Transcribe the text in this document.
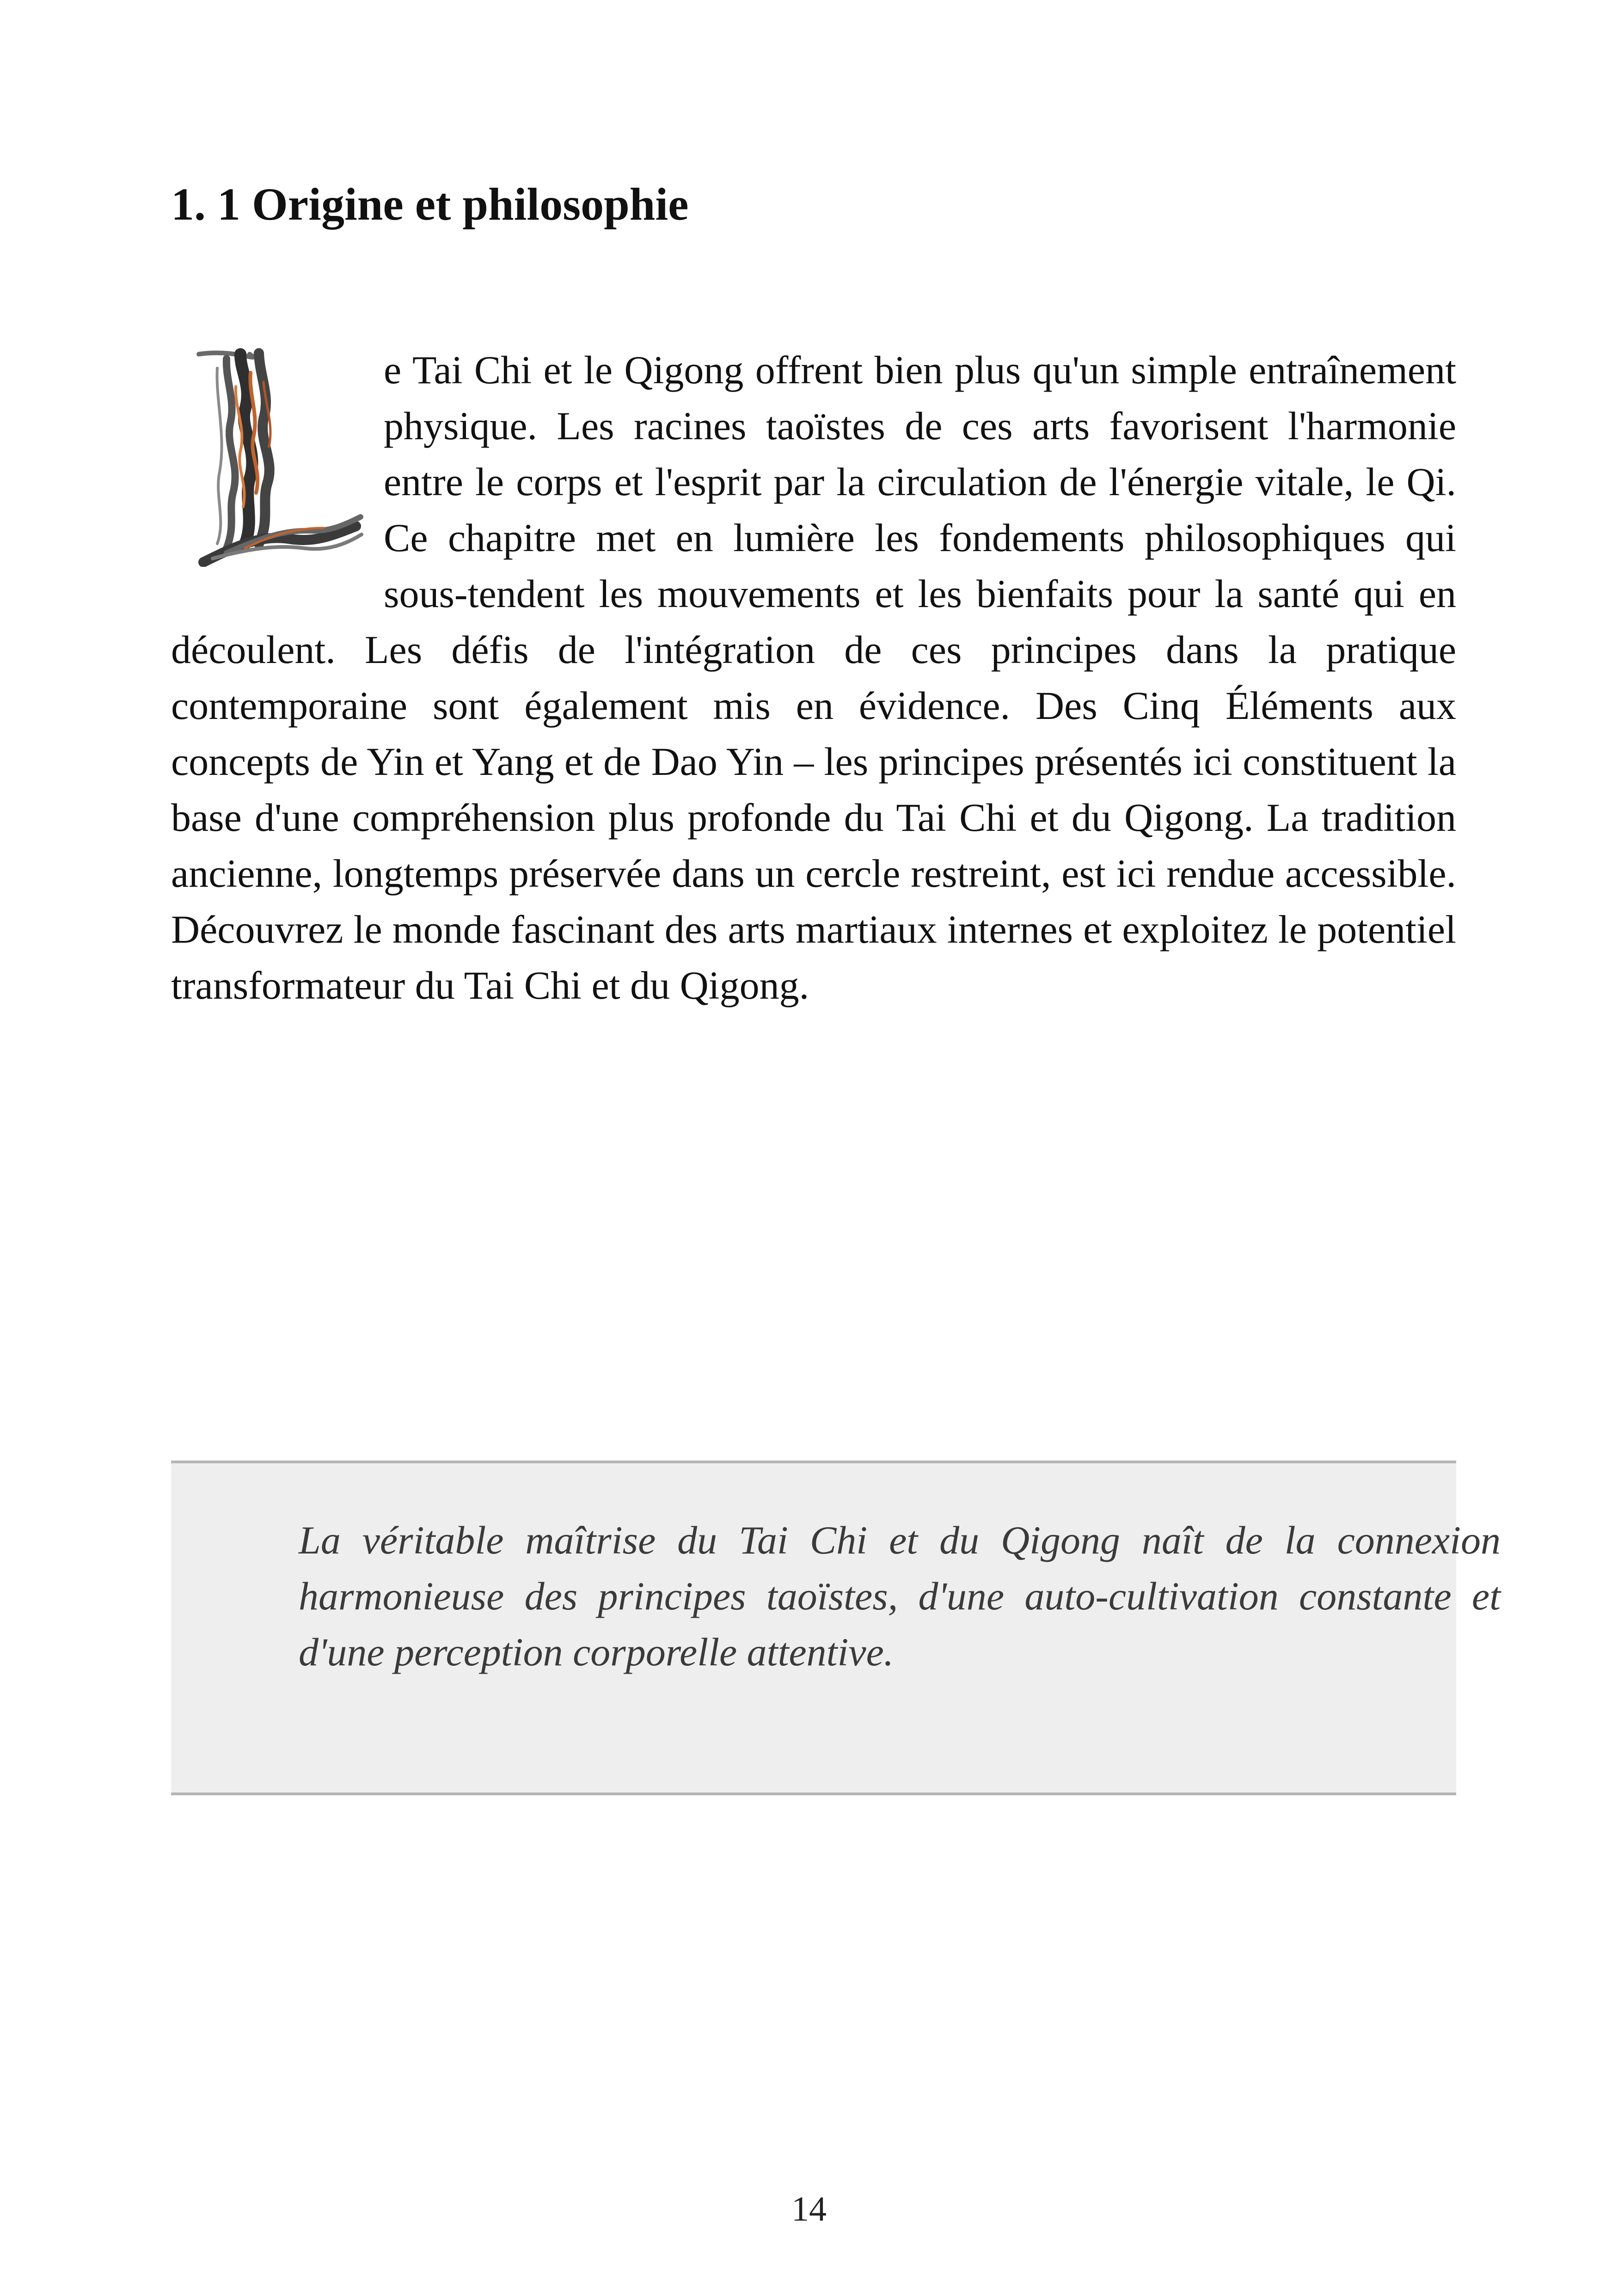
1. 1 Origine et philosophie

e Tai Chi et le Qigong offrent bien plus qu'un simple entraînement physique. Les racines taoïstes de ces arts favorisent l'harmonie entre le corps et l'esprit par la circulation de l'énergie vitale, le Qi. Ce chapitre met en lumière les fondements philosophiques qui sous-tendent les mouvements et les bienfaits pour la santé qui en découlent. Les défis de l'intégration de ces principes dans la pratique contemporaine sont également mis en évidence. Des Cinq Éléments aux concepts de Yin et Yang et de Dao Yin – les principes présentés ici constituent la base d'une compréhension plus profonde du Tai Chi et du Qigong. La tradition ancienne, longtemps préservée dans un cercle restreint, est ici rendue accessible. Découvrez le monde fascinant des arts martiaux internes et exploitez le potentiel transformateur du Tai Chi et du Qigong.

La véritable maîtrise du Tai Chi et du Qigong naît de la connexion harmonieuse des principes taoïstes, d'une auto-cultivation constante et d'une perception corporelle attentive.

14
